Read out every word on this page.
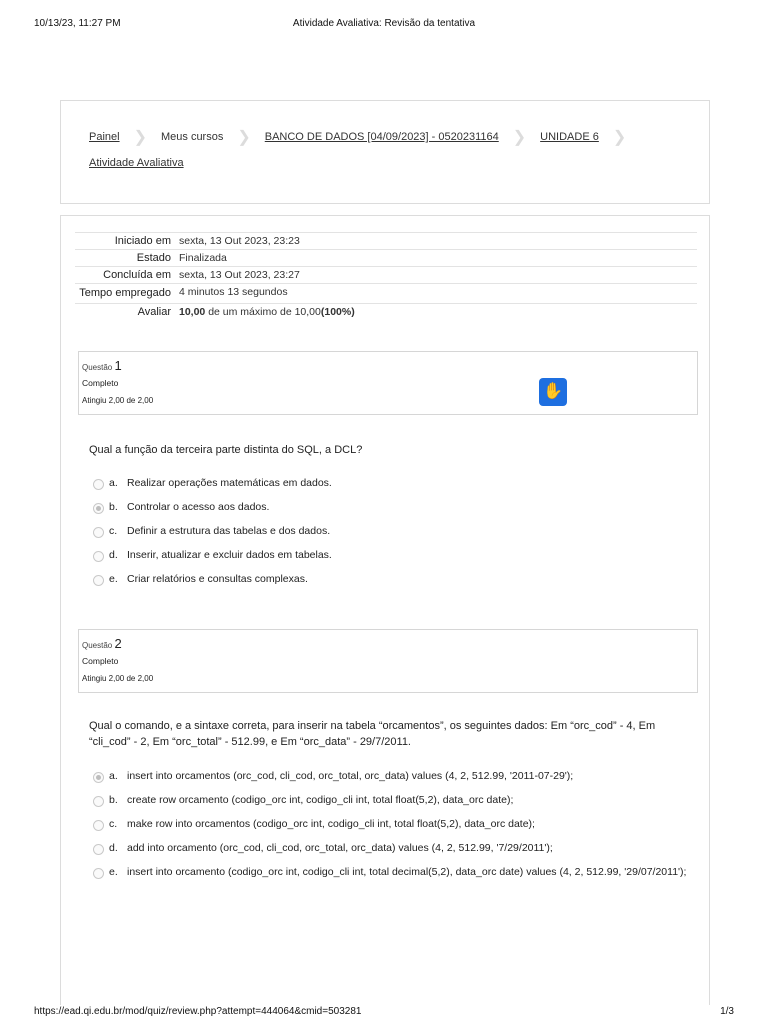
10/13/23, 11:27 PM	Atividade Avaliativa: Revisão da tentativa
Painel ❯ Meus cursos ❯ BANCO DE DADOS [04/09/2023] - 0520231164 ❯ UNIDADE 6 ❯
Atividade Avaliativa
Iniciado em	sexta, 13 Out 2023, 23:23
Estado	Finalizada
Concluída em	sexta, 13 Out 2023, 23:27
Tempo empregado	4 minutos 13 segundos
Avaliar	10,00 de um máximo de 10,00(100%)
Questão 1
Completo
Atingiu 2,00 de 2,00
✋
Qual a função da terceira parte distinta do SQL, a DCL?
a. Realizar operações matemáticas em dados.
b. Controlar o acesso aos dados.
c. Definir a estrutura das tabelas e dos dados.
d. Inserir, atualizar e excluir dados em tabelas.
e. Criar relatórios e consultas complexas.
Questão 2
Completo
Atingiu 2,00 de 2,00
Qual o comando, e a sintaxe correta, para inserir na tabela “orcamentos”, os seguintes dados: Em “orc_cod” - 4, Em “cli_cod” - 2, Em “orc_total” - 512.99, e Em “orc_data” - 29/7/2011.
a. insert into orcamentos (orc_cod, cli_cod, orc_total, orc_data) values (4, 2, 512.99, '2011-07-29');
b. create row orcamento (codigo_orc int, codigo_cli int, total float(5,2), data_orc date);
c. make row into orcamentos (codigo_orc int, codigo_cli int, total float(5,2), data_orc date);
d. add into orcamento (orc_cod, cli_cod, orc_total, orc_data) values (4, 2, 512.99, '7/29/2011');
e. insert into orcamento (codigo_orc int, codigo_cli int, total decimal(5,2), data_orc date) values (4, 2, 512.99, '29/07/2011');
https://ead.qi.edu.br/mod/quiz/review.php?attempt=444064&cmid=503281	1/3
